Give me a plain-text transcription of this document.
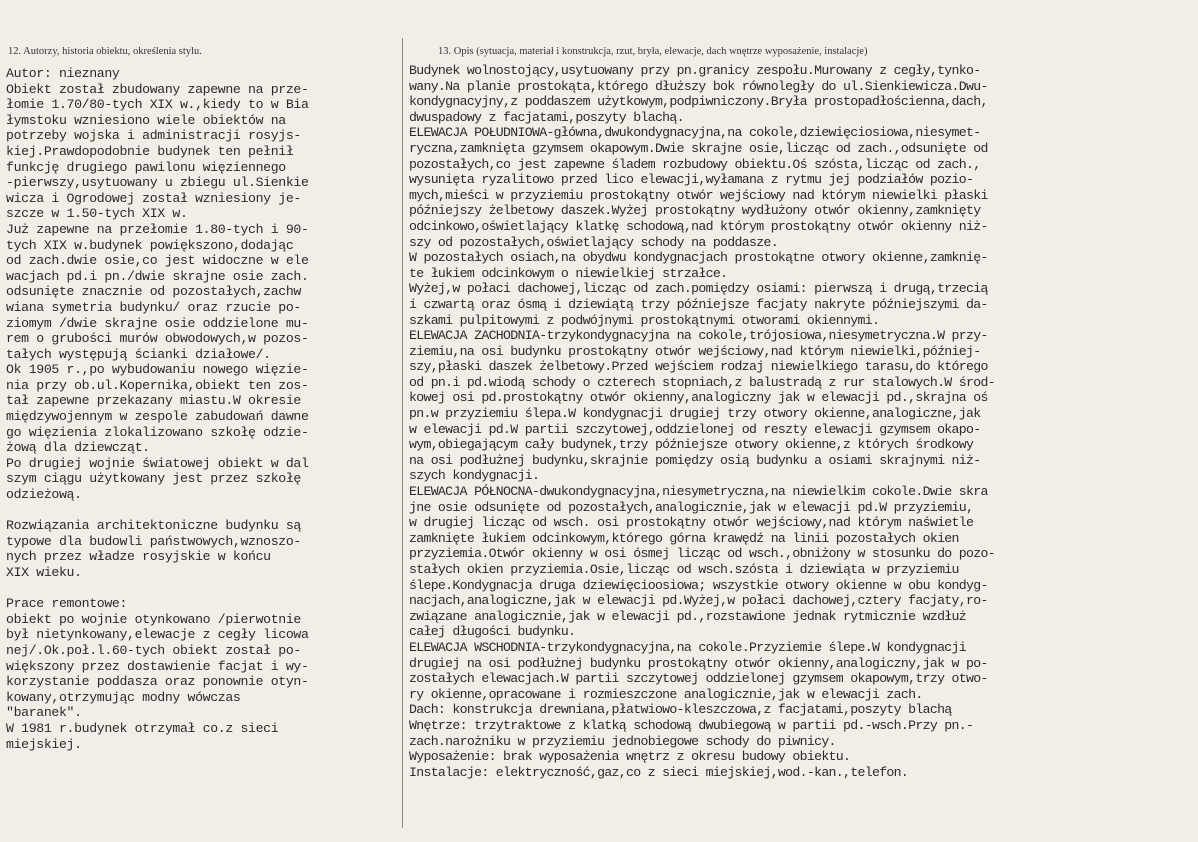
12. Autorzy, historia obiektu, określenia stylu.	13. Opis (sytuacja, materiał i konstrukcja, rzut, bryła, elewacje, dach wnętrze wyposażenie, instalacje)
Autor: nieznany
Obiekt został zbudowany zapewne na prze-
łomie 1.70/80-tych XIX w.,kiedy to w Bia
łymstoku wzniesiono wiele obiektów na
potrzeby wojska i administracji rosyjs-
kiej.Prawdopodobnie budynek ten pełnił
funkcję drugiego pawilonu więziennego
-pierwszy,usytuowany u zbiegu ul.Sienkie
wicza i Ogrodowej został wzniesiony je-
szcze w 1.50-tych XIX w.
Już zapewne na przełomie 1.80-tych i 90-
tych XIX w.budynek powiększono,dodając
od zach.dwie osie,co jest widoczne w ele
wacjach pd.i pn./dwie skrajne osie zach.
odsunięte znacznie od pozostałych,zachw
wiana symetria budynku/ oraz rzucie po-
ziomym /dwie skrajne osie oddzielone mu-
rem o grubości murów obwodowych,w pozos-
tałych występują ścianki działowe/.
Ok 1905 r.,po wybudowaniu nowego więzie-
nia przy ob.ul.Kopernika,obiekt ten zos-
tał zapewne przekazany miastu.W okresie
międzywojennym w zespole zabudowań dawne
go więzienia zlokalizowano szkołę odzie-
żową dla dziewcząt.
Po drugiej wojnie światowej obiekt w dal
szym ciągu użytkowany jest przez szkołę
odzieżową.

Rozwiązania architektoniczne budynku są
typowe dla budowli państwowych,wznoszo-
nych przez władze rosyjskie w końcu
XIX wieku.

Prace remontowe:
obiekt po wojnie otynkowano /pierwotnie
był nietynkowany,elewacje z cegły licowa
nej/.Ok.poł.l.60-tych obiekt został po-
większony przez dostawienie facjat i wy-
korzystanie poddasza oraz ponownie otyn-
kowany,otrzymując modny wówczas
"baranek".
W 1981 r.budynek otrzymał co.z sieci
miejskiej.
Budynek wolnostojący,usytuowany przy pn.granicy zespołu.Murowany z cegły,tynko-
wany.Na planie prostokąta,którego dłuższy bok równoległy do ul.Sienkiewicza.Dwu-
kondygnacyjny,z poddaszem użytkowym,podpiwniczony.Bryła prostopadłościenna,dach,
dwuspadowy z facjatami,poszyty blachą.
ELEWACJA POŁUDNIOWA-główna,dwukondygnacyjna,na cokole,dziewięciosiowa,niesymet-
ryczna,zamknięta gzymsem okapowym.Dwie skrajne osie,licząc od zach.,odsunięte od
pozostałych,co jest zapewne śladem rozbudowy obiektu.Oś szósta,licząc od zach.,
wysunięta ryzalitowo przed lico elewacji,wyłamana z rytmu jej podziałów pozio-
mych,mieści w przyziemiu prostokątny otwór wejściowy nad którym niewielki płaski
późniejszy żelbetowy daszek.Wyżej prostokątny wydłużony otwór okienny,zamknięty
odcinkowo,oświetlający klatkę schodową,nad którym prostokątny otwór okienny niż-
szy od pozostałych,oświetlający schody na poddasze.
W pozostałych osiach,na obydwu kondygnacjach prostokątne otwory okienne,zamknię-
te łukiem odcinkowym o niewielkiej strzałce.
Wyżej,w połaci dachowej,licząc od zach.pomiędzy osiami: pierwszą i drugą,trzecią
i czwartą oraz ósmą i dziewiątą trzy późniejsze facjaty nakryte późniejszymi da-
szkami pulpitowymi z podwójnymi prostokątnymi otworami okiennymi.
ELEWACJA ZACHODNIA-trzykondygnacyjna na cokole,trójosiowa,niesymetryczna.W przy-
ziemiu,na osi budynku prostokątny otwór wejściowy,nad którym niewielki,później-
szy,płaski daszek żelbetowy.Przed wejściem rodzaj niewielkiego tarasu,do którego
od pn.i pd.wiodą schody o czterech stopniach,z balustradą z rur stalowych.W środ-
kowej osi pd.prostokątny otwór okienny,analogiczny jak w elewacji pd.,skrajna oś
pn.w przyziemiu ślepa.W kondygnacji drugiej trzy otwory okienne,analogiczne,jak
w elewacji pd.W partii szczytowej,oddzielonej od reszty elewacji gzymsem okapo-
wym,obiegającym cały budynek,trzy późniejsze otwory okienne,z których środkowy
na osi podłużnej budynku,skrajnie pomiędzy osią budynku a osiami skrajnymi niż-
szych kondygnacji.
ELEWACJA PÓŁNOCNA-dwukondygnacyjna,niesymetryczna,na niewielkim cokole.Dwie skra
jne osie odsunięte od pozostałych,analogicznie,jak w elewacji pd.W przyziemiu,
w drugiej licząc od wsch. osi prostokątny otwór wejściowy,nad którym naświetle
zamknięte łukiem odcinkowym,którego górna krawędź na linii pozostałych okien
przyziemia.Otwór okienny w osi ósmej licząc od wsch.,obniżony w stosunku do pozo-
stałych okien przyziemia.Osie,licząc od wsch.szósta i dziewiąta w przyziemiu
ślepe.Kondygnacja druga dziewięcioosiowa; wszystkie otwory okienne w obu kondyg-
nacjach,analogiczne,jak w elewacji pd.Wyżej,w połaci dachowej,cztery facjaty,ro-
związane analogicznie,jak w elewacji pd.,rozstawione jednak rytmicznie wzdłuż
całej długości budynku.
ELEWACJA WSCHODNIA-trzykondygnacyjna,na cokole.Przyziemie ślepe.W kondygnacji
drugiej na osi podłużnej budynku prostokątny otwór okienny,analogiczny,jak w po-
zostałych elewacjach.W partii szczytowej oddzielonej gzymsem okapowym,trzy otwo-
ry okienne,opracowane i rozmieszczone analogicznie,jak w elewacji zach.
Dach: konstrukcja drewniana,płatwiowo-kleszczowa,z facjatami,poszyty blachą
Wnętrze: trzytraktowe z klatką schodową dwubiegową w partii pd.-wsch.Przy pn.-
zach.narożniku w przyziemiu jednobiegowe schody do piwnicy.
Wyposażenie: brak wyposażenia wnętrz z okresu budowy obiektu.
Instalacje: elektryczność,gaz,co z sieci miejskiej,wod.-kan.,telefon.
